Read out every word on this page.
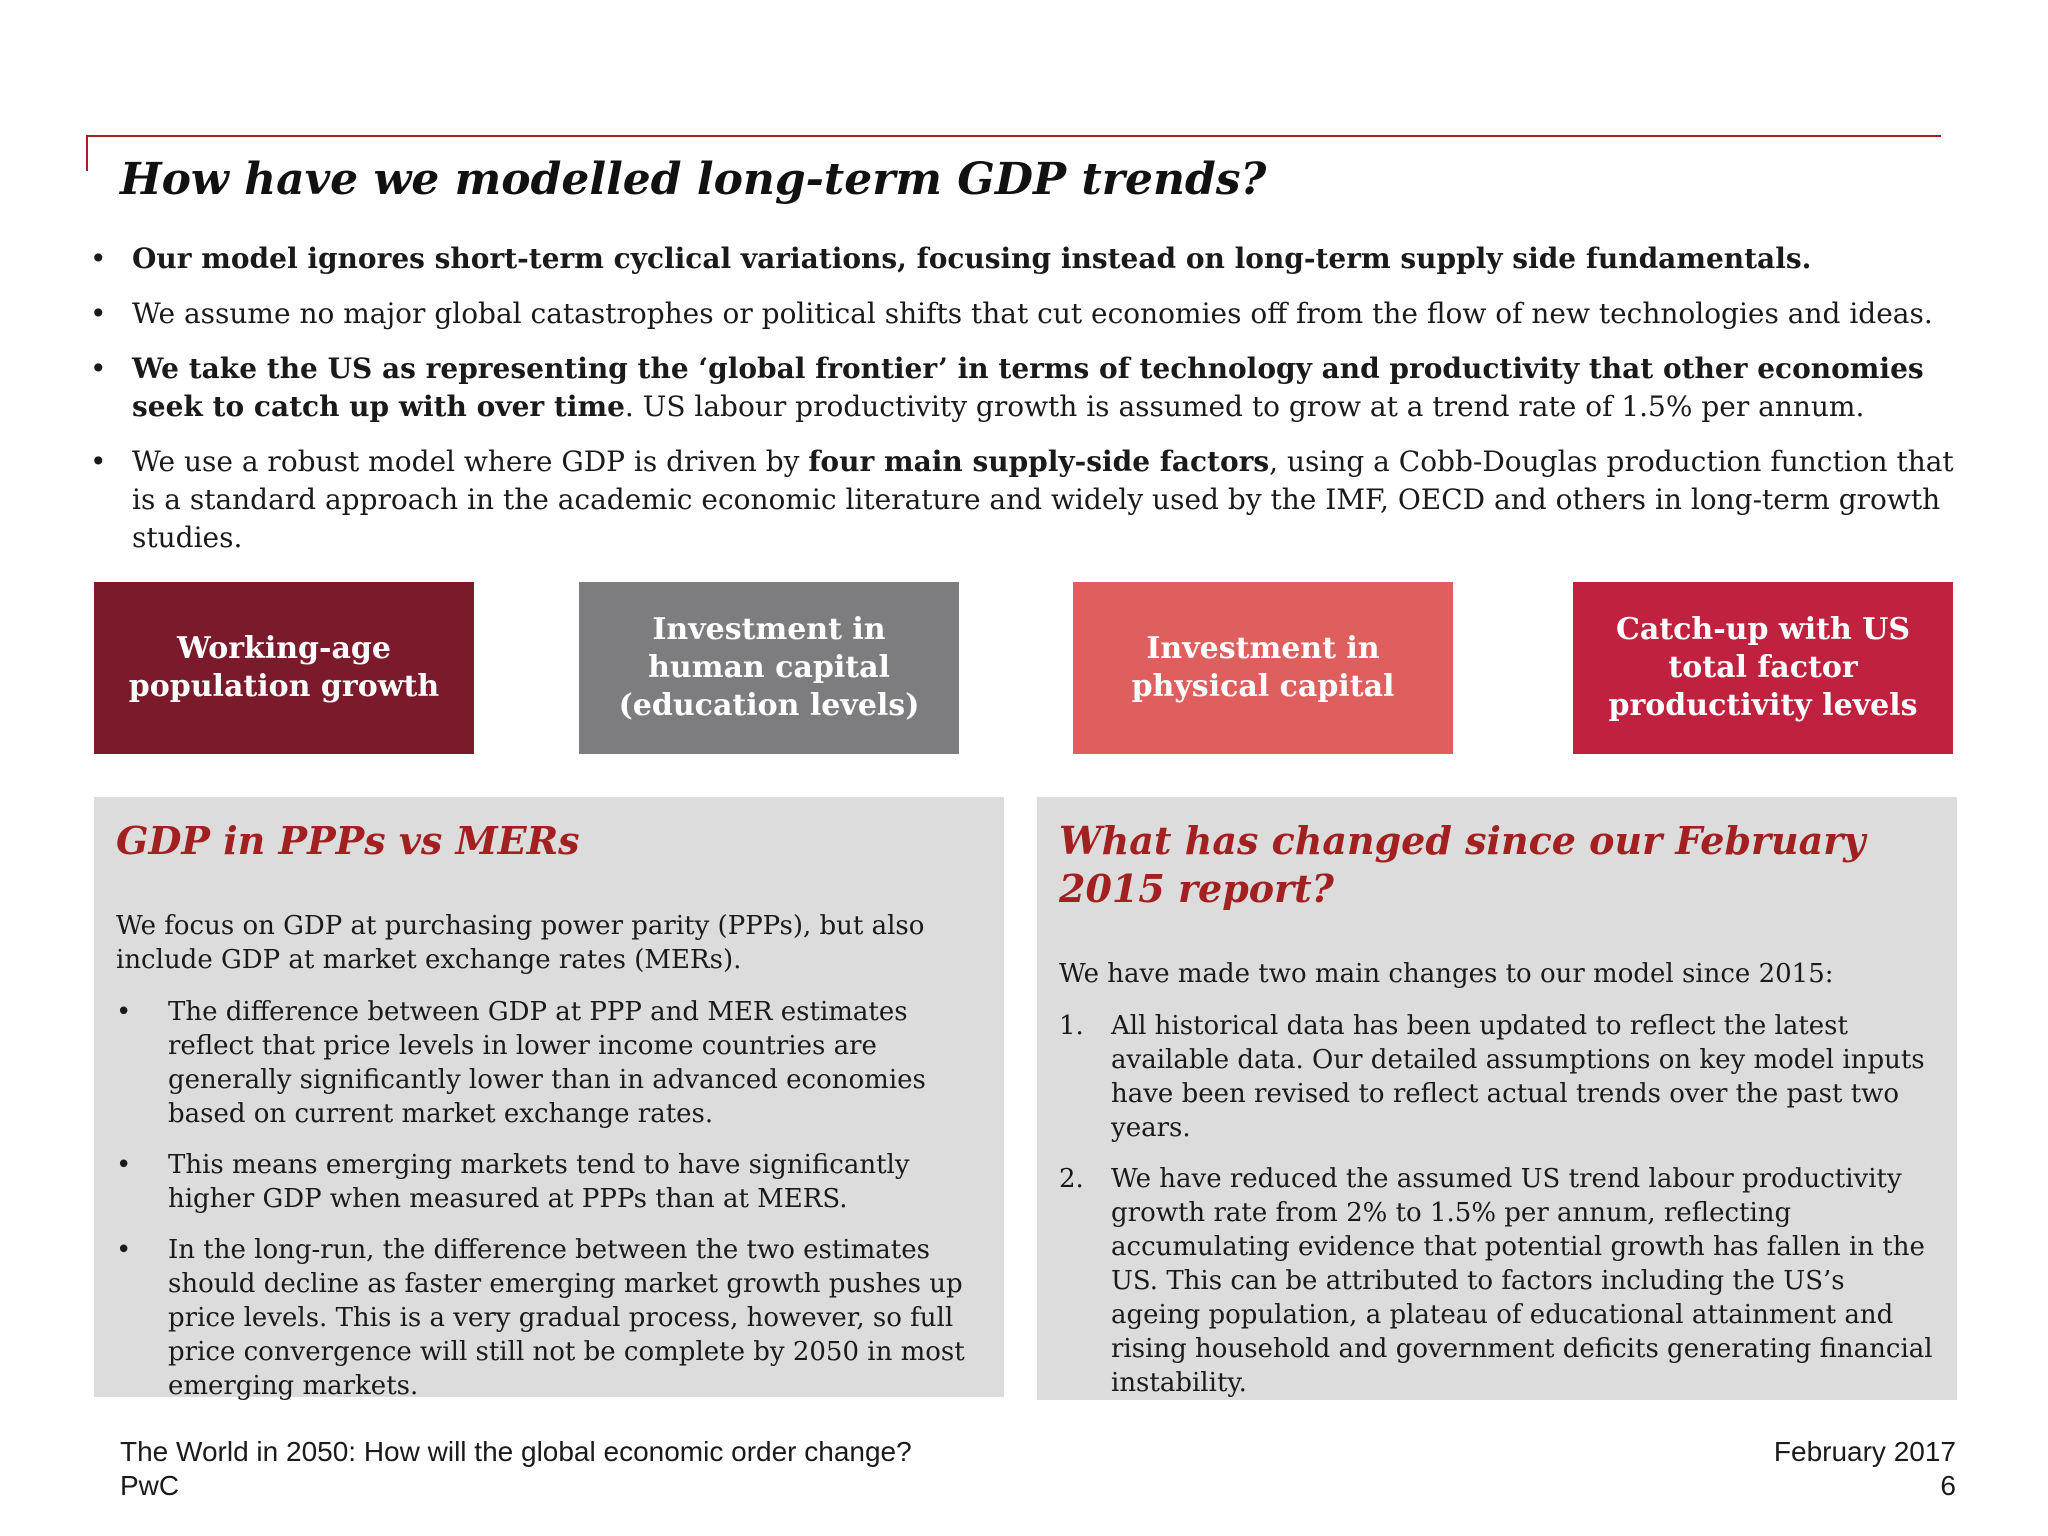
How have we modelled long-term GDP trends?
• Our model ignores short-term cyclical variations, focusing instead on long-term supply side fundamentals.
• We assume no major global catastrophes or political shifts that cut economies off from the flow of new technologies and ideas.
• We take the US as representing the ‘global frontier’ in terms of technology and productivity that other economies seek to catch up with over time. US labour productivity growth is assumed to grow at a trend rate of 1.5% per annum.
• We use a robust model where GDP is driven by four main supply-side factors, using a Cobb-Douglas production function that is a standard approach in the academic economic literature and widely used by the IMF, OECD and others in long-term growth studies.
Working-age
population growth
Investment in
human capital
(education levels)
Investment in
physical capital
Catch-up with US
total factor
productivity levels
GDP in PPPs vs MERs

We focus on GDP at purchasing power parity (PPPs), but also include GDP at market exchange rates (MERs).

• The difference between GDP at PPP and MER estimates reflect that price levels in lower income countries are generally significantly lower than in advanced economies based on current market exchange rates.
• This means emerging markets tend to have significantly higher GDP when measured at PPPs than at MERS.
• In the long-run, the difference between the two estimates should decline as faster emerging market growth pushes up price levels. This is a very gradual process, however, so full price convergence will still not be complete by 2050 in most emerging markets.
What has changed since our February 2015 report?

We have made two main changes to our model since 2015:

1. All historical data has been updated to reflect the latest available data. Our detailed assumptions on key model inputs have been revised to reflect actual trends over the past two years.
2. We have reduced the assumed US trend labour productivity growth rate from 2% to 1.5% per annum, reflecting accumulating evidence that potential growth has fallen in the US. This can be attributed to factors including the US’s ageing population, a plateau of educational attainment and rising household and government deficits generating financial instability.
The World in 2050: How will the global economic order change?
PwC
February 2017
6
